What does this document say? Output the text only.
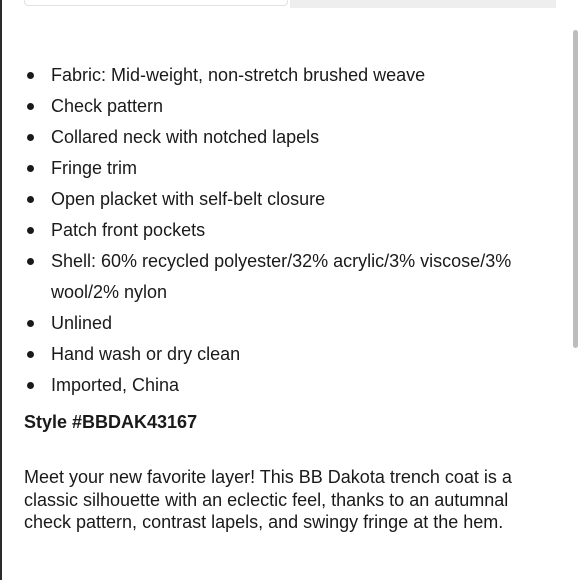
Fabric: Mid-weight, non-stretch brushed weave
Check pattern
Collared neck with notched lapels
Fringe trim
Open placket with self-belt closure
Patch front pockets
Shell: 60% recycled polyester/32% acrylic/3% viscose/3% wool/2% nylon
Unlined
Hand wash or dry clean
Imported, China
Style #BBDAK43167

Meet your new favorite layer! This BB Dakota trench coat is a classic silhouette with an eclectic feel, thanks to an autumnal check pattern, contrast lapels, and swingy fringe at the hem.
